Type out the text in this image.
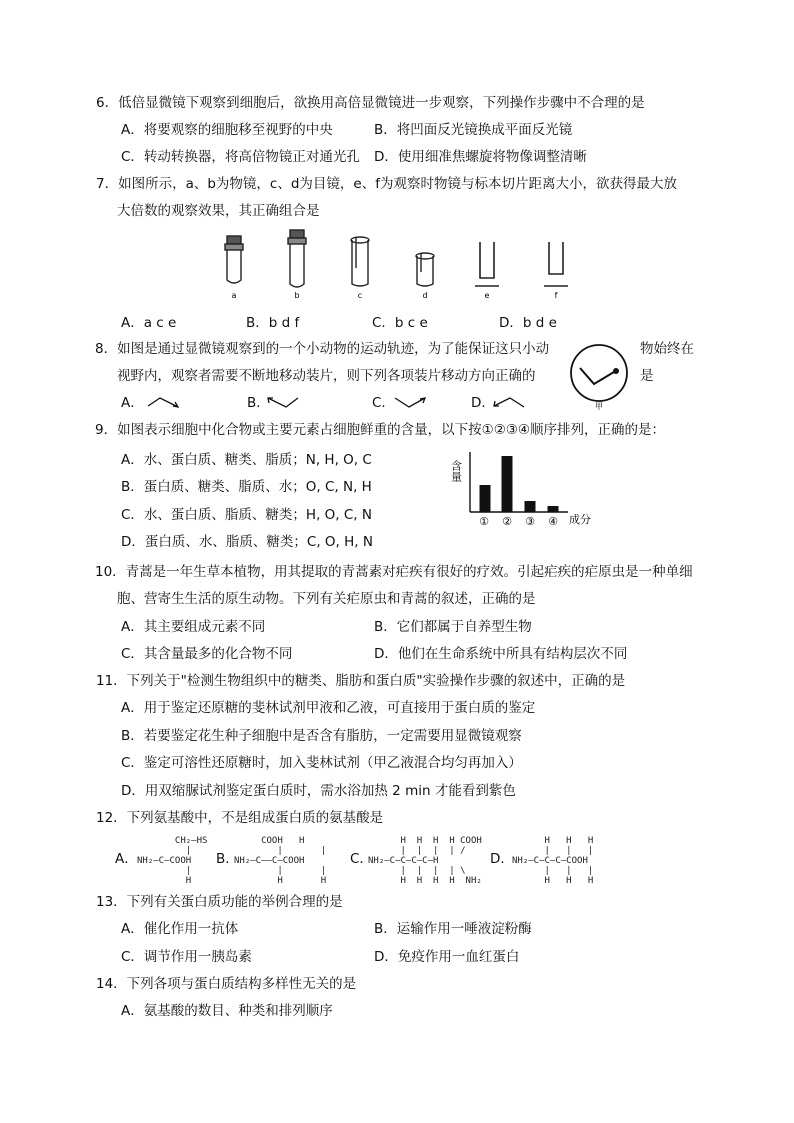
6．低倍显微镜下观察到细胞后，欲换用高倍显微镜进一步观察，下列操作步骤中不合理的是
A．将要观察的细胞移至视野的中央	B．将凹面反光镜换成平面反光镜
C．转动转换器，将高倍物镜正对通光孔 D．使用细准焦螺旋将物像调整清晰
7．如图所示，a、b为物镜，c、d为目镜，e、f为观察时物镜与标本切片距离大小，欲获得最大放
大倍数的观察效果，其正确组合是
a	b	c	d	e	f
A．a c e	B．b d f	C．b c e	D．b d e
8．如图是通过显微镜观察到的一个小动物的运动轨迹，为了能保证这只小动	物始终在
视野内，观察者需要不断地移动装片，则下列各项装片移动方向正确的	是
甲
A．	B．	C．	D．
9．如图表示细胞中化合物或主要元素占细胞鲜重的含量，以下按①②③④顺序排列，正确的是：
A．水、蛋白质、糖类、脂质；N, H, O, C
B．蛋白质、糖类、脂质、水；O, C, N, H
C．水、蛋白质、脂质、糖类；H, O, C, N
D．蛋白质、水、脂质、糖类；C, O, H, N
含量
成分
① ② ③ ④
10．青蒿是一年生草本植物，用其提取的青蒿素对疟疾有很好的疗效。引起疟疾的疟原虫是一种单细
胞、营寄生生活的原生动物。下列有关疟原虫和青蒿的叙述，正确的是
A．其主要组成元素不同	B．它们都属于自养型生物
C．其含量最多的化合物不同	D．他们在生命系统中所具有结构层次不同
11．下列关于"检测生物组织中的糖类、脂肪和蛋白质"实验操作步骤的叙述中，正确的是
A．用于鉴定还原糖的斐林试剂甲液和乙液，可直接用于蛋白质的鉴定
B．若要鉴定花生种子细胞中是否含有脂肪，一定需要用显微镜观察
C．鉴定可溶性还原糖时，加入斐林试剂（甲乙液混合均匀再加入）
D．用双缩脲试剂鉴定蛋白质时，需水浴加热 2 min 才能看到紫色
12．下列氨基酸中，不是组成蛋白质的氨基酸是
A．
CH₂—HS
|
NH₂—C—COOH
|
H
B．
COOH   H
|       |
NH₂—C——C—COOH
|       |
H       H
C．
H  H  H  H COOH
|  |  |  | /
NH₂—C—C—C—C—H
|  |  |  | \
H  H  H  H  NH₂
D．
H   H   H
|   |   |
NH₂—C—C—C—COOH
|   |   |
H   H   H
13．下列有关蛋白质功能的举例合理的是
A．催化作用一抗体	B．运输作用一唾液淀粉酶
C．调节作用一胰岛素	D．免疫作用一血红蛋白
14．下列各项与蛋白质结构多样性无关的是
A．氨基酸的数目、种类和排列顺序
